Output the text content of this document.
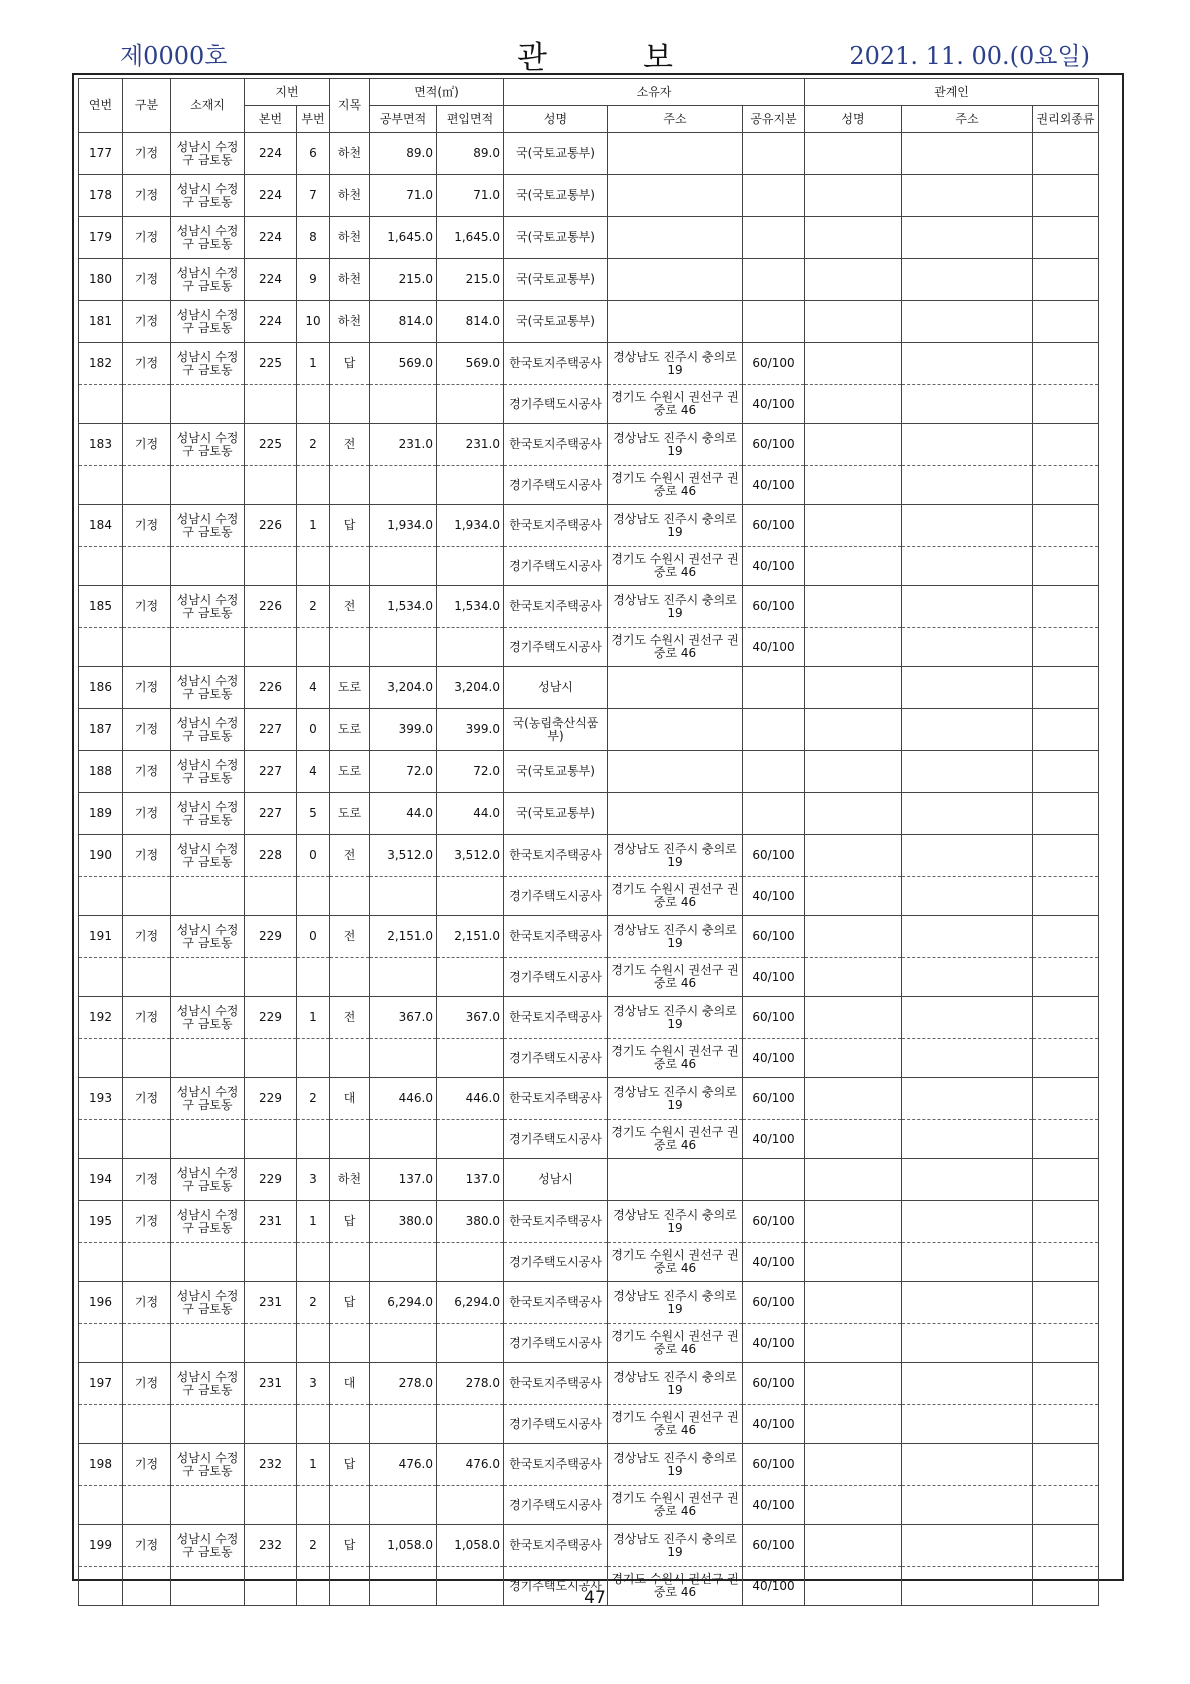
제0000호	관보	2021. 11. 00.(0요일)
연번	구분	소재지	지번		지목	면적(㎡)		소유자			관계인		
			본번	부번		공부면적	편입면적	성명	주소	공유지분	성명	주소	권리외종류
177	기정	성남시 수정구 금토동	224	6	하천	89.0	89.0	국(국토교통부)					
178	기정	성남시 수정구 금토동	224	7	하천	71.0	71.0	국(국토교통부)					
179	기정	성남시 수정구 금토동	224	8	하천	1,645.0	1,645.0	국(국토교통부)					
180	기정	성남시 수정구 금토동	224	9	하천	215.0	215.0	국(국토교통부)					
181	기정	성남시 수정구 금토동	224	10	하천	814.0	814.0	국(국토교통부)					
182	기정	성남시 수정구 금토동	225	1	답	569.0	569.0	한국토지주택공사	경상남도 진주시 충의로 19	60/100			
								경기주택도시공사	경기도 수원시 권선구 권중로 46	40/100			
183	기정	성남시 수정구 금토동	225	2	전	231.0	231.0	한국토지주택공사	경상남도 진주시 충의로 19	60/100			
								경기주택도시공사	경기도 수원시 권선구 권중로 46	40/100			
184	기정	성남시 수정구 금토동	226	1	답	1,934.0	1,934.0	한국토지주택공사	경상남도 진주시 충의로 19	60/100			
								경기주택도시공사	경기도 수원시 권선구 권중로 46	40/100			
185	기정	성남시 수정구 금토동	226	2	전	1,534.0	1,534.0	한국토지주택공사	경상남도 진주시 충의로 19	60/100			
								경기주택도시공사	경기도 수원시 권선구 권중로 46	40/100			
186	기정	성남시 수정구 금토동	226	4	도로	3,204.0	3,204.0	성남시					
187	기정	성남시 수정구 금토동	227	0	도로	399.0	399.0	국(농림축산식품부)					
188	기정	성남시 수정구 금토동	227	4	도로	72.0	72.0	국(국토교통부)					
189	기정	성남시 수정구 금토동	227	5	도로	44.0	44.0	국(국토교통부)					
190	기정	성남시 수정구 금토동	228	0	전	3,512.0	3,512.0	한국토지주택공사	경상남도 진주시 충의로 19	60/100			
								경기주택도시공사	경기도 수원시 권선구 권중로 46	40/100			
191	기정	성남시 수정구 금토동	229	0	전	2,151.0	2,151.0	한국토지주택공사	경상남도 진주시 충의로 19	60/100			
								경기주택도시공사	경기도 수원시 권선구 권중로 46	40/100			
192	기정	성남시 수정구 금토동	229	1	전	367.0	367.0	한국토지주택공사	경상남도 진주시 충의로 19	60/100			
								경기주택도시공사	경기도 수원시 권선구 권중로 46	40/100			
193	기정	성남시 수정구 금토동	229	2	대	446.0	446.0	한국토지주택공사	경상남도 진주시 충의로 19	60/100			
								경기주택도시공사	경기도 수원시 권선구 권중로 46	40/100			
194	기정	성남시 수정구 금토동	229	3	하천	137.0	137.0	성남시					
195	기정	성남시 수정구 금토동	231	1	답	380.0	380.0	한국토지주택공사	경상남도 진주시 충의로 19	60/100			
								경기주택도시공사	경기도 수원시 권선구 권중로 46	40/100			
196	기정	성남시 수정구 금토동	231	2	답	6,294.0	6,294.0	한국토지주택공사	경상남도 진주시 충의로 19	60/100			
								경기주택도시공사	경기도 수원시 권선구 권중로 46	40/100			
197	기정	성남시 수정구 금토동	231	3	대	278.0	278.0	한국토지주택공사	경상남도 진주시 충의로 19	60/100			
								경기주택도시공사	경기도 수원시 권선구 권중로 46	40/100			
198	기정	성남시 수정구 금토동	232	1	답	476.0	476.0	한국토지주택공사	경상남도 진주시 충의로 19	60/100			
								경기주택도시공사	경기도 수원시 권선구 권중로 46	40/100			
199	기정	성남시 수정구 금토동	232	2	답	1,058.0	1,058.0	한국토지주택공사	경상남도 진주시 충의로 19	60/100			
								경기주택도시공사	경기도 수원시 권선구 권중로 46	40/100			
47
